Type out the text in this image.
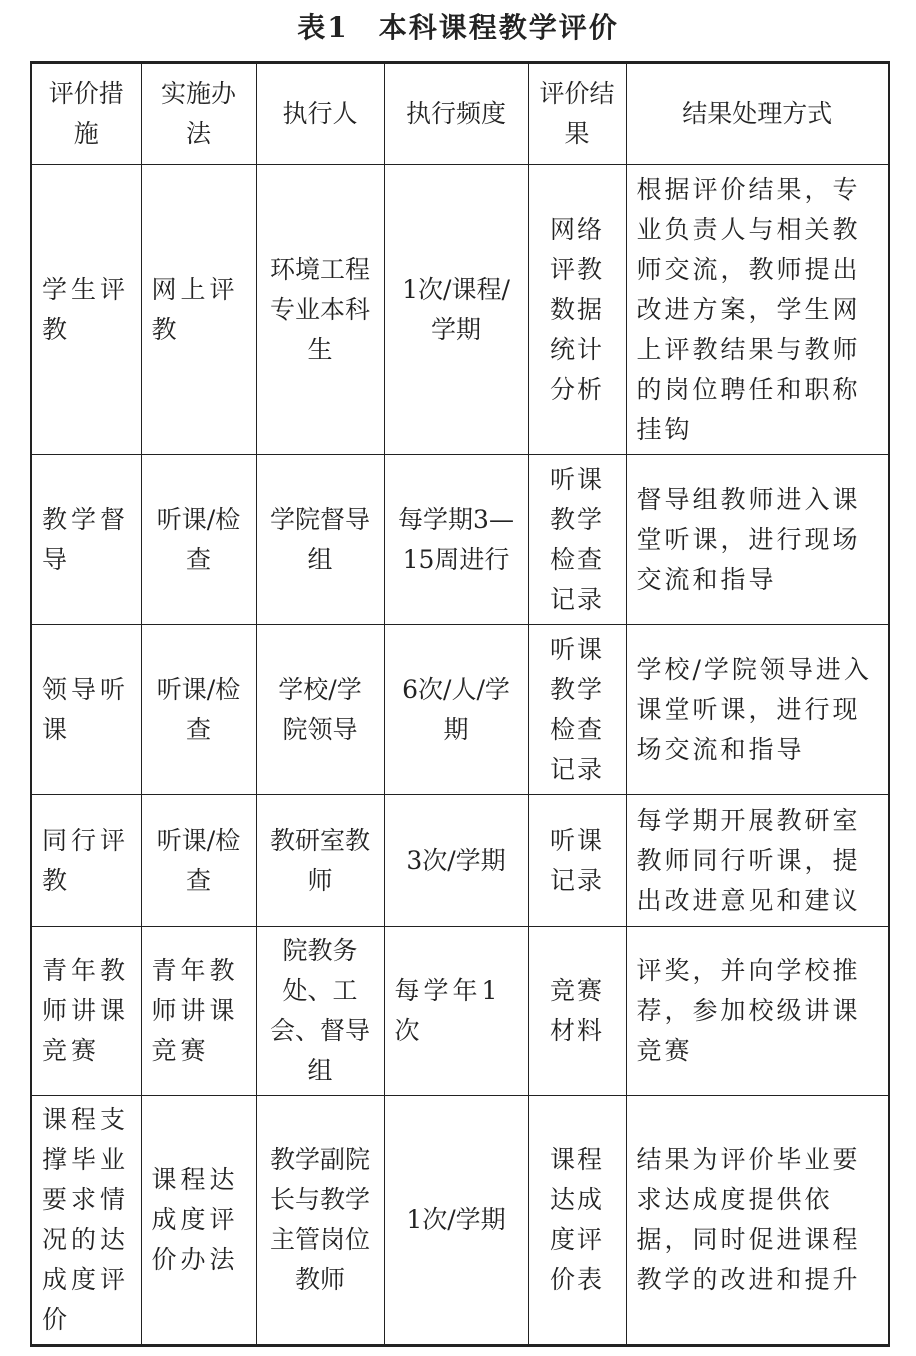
表1　本科课程教学评价
评价措施	实施办法	执行人	执行频度	评价结果	结果处理方式
学生评教	网上评教	环境工程专业本科生	1次/课程/学期	网络评教数据统计分析	根据评价结果，专业负责人与相关教师交流，教师提出改进方案，学生网上评教结果与教师的岗位聘任和职称挂钩
教学督导	听课/检查	学院督导组	每学期3—15周进行	听课教学检查记录	督导组教师进入课堂听课，进行现场交流和指导
领导听课	听课/检查	学校/学院领导	6次/人/学期	听课教学检查记录	学校/学院领导进入课堂听课，进行现场交流和指导
同行评教	听课/检查	教研室教师	3次/学期	听课记录	每学期开展教研室教师同行听课，提出改进意见和建议
青年教师讲课竞赛	青年教师讲课竞赛	院教务处、工会、督导组	每学年1次	竞赛材料	评奖，并向学校推荐，参加校级讲课竞赛
课程支撑毕业要求情况的达成度评价	课程达成度评价办法	教学副院长与教学主管岗位教师	1次/学期	课程达成度评价表	结果为评价毕业要求达成度提供依据，同时促进课程教学的改进和提升
